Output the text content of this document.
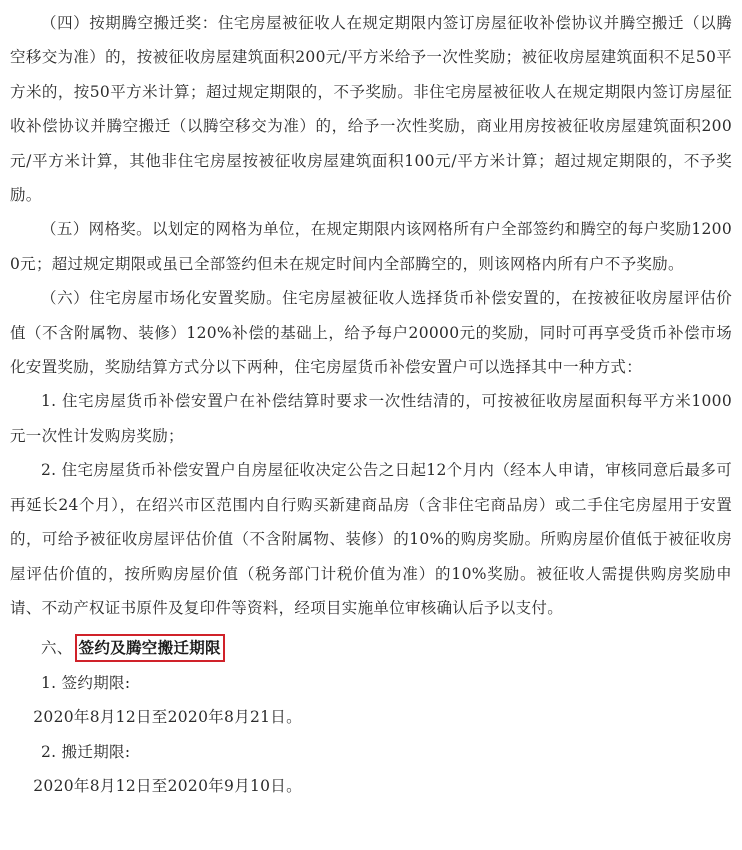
（四）按期腾空搬迁奖：住宅房屋被征收人在规定期限内签订房屋征收补偿协议并腾空搬迁（以腾空移交为准）的，按被征收房屋建筑面积200元/平方米给予一次性奖励；被征收房屋建筑面积不足50平方米的，按50平方米计算；超过规定期限的，不予奖励。非住宅房屋被征收人在规定期限内签订房屋征收补偿协议并腾空搬迁（以腾空移交为准）的，给予一次性奖励，商业用房按被征收房屋建筑面积200元/平方米计算，其他非住宅房屋按被征收房屋建筑面积100元/平方米计算；超过规定期限的，不予奖励。

（五）网格奖。以划定的网格为单位，在规定期限内该网格所有户全部签约和腾空的每户奖励12000元；超过规定期限或虽已全部签约但未在规定时间内全部腾空的，则该网格内所有户不予奖励。

（六）住宅房屋市场化安置奖励。住宅房屋被征收人选择货币补偿安置的，在按被征收房屋评估价值（不含附属物、装修）120%补偿的基础上，给予每户20000元的奖励，同时可再享受货币补偿市场化安置奖励，奖励结算方式分以下两种，住宅房屋货币补偿安置户可以选择其中一种方式：

1. 住宅房屋货币补偿安置户在补偿结算时要求一次性结清的，可按被征收房屋面积每平方米1000元一次性计发购房奖励；

2. 住宅房屋货币补偿安置户自房屋征收决定公告之日起12个月内（经本人申请，审核同意后最多可再延长24个月），在绍兴市区范围内自行购买新建商品房（含非住宅商品房）或二手住宅房屋用于安置的，可给予被征收房屋评估价值（不含附属物、装修）的10%的购房奖励。所购房屋价值低于被征收房屋评估价值的，按所购房屋价值（税务部门计税价值为准）的10%奖励。被征收人需提供购房奖励申请、不动产权证书原件及复印件等资料，经项目实施单位审核确认后予以支付。

六、 签约及腾空搬迁期限

1. 签约期限:

2020年8月12日至2020年8月21日。

2. 搬迁期限:

2020年8月12日至2020年9月10日。
